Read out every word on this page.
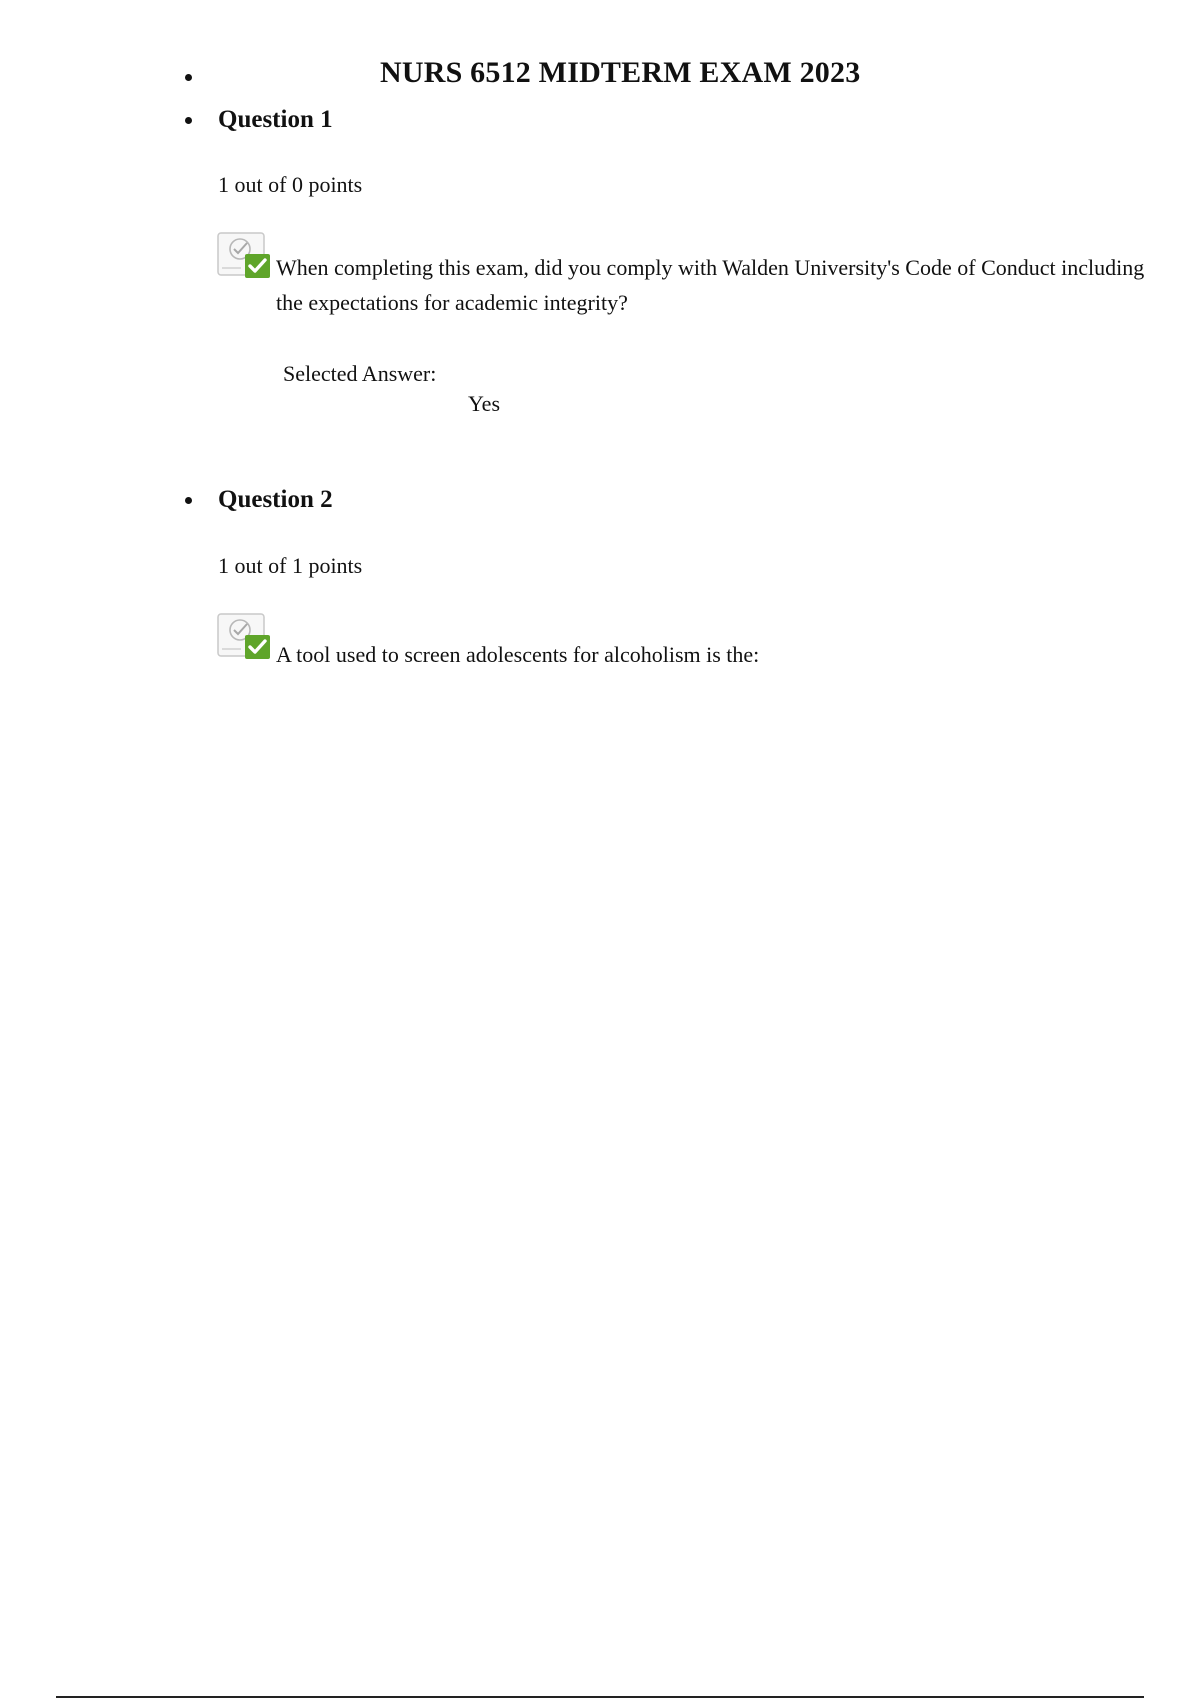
NURS 6512 MIDTERM EXAM 2023
Question 1
1 out of 0 points
When completing this exam, did you comply with Walden University's Code of Conduct including the expectations for academic integrity?
Selected Answer:
Yes
Question 2
1 out of 1 points
A tool used to screen adolescents for alcoholism is the:
